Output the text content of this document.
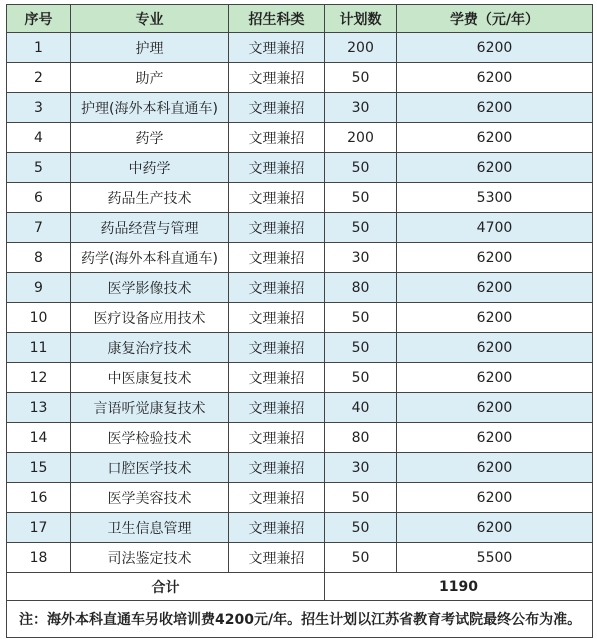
序号	专业	招生科类	计划数	学费（元/年）
1	护理	文理兼招	200	6200
2	助产	文理兼招	50	6200
3	护理(海外本科直通车)	文理兼招	30	6200
4	药学	文理兼招	200	6200
5	中药学	文理兼招	50	6200
6	药品生产技术	文理兼招	50	5300
7	药品经营与管理	文理兼招	50	4700
8	药学(海外本科直通车)	文理兼招	30	6200
9	医学影像技术	文理兼招	80	6200
10	医疗设备应用技术	文理兼招	50	6200
11	康复治疗技术	文理兼招	50	6200
12	中医康复技术	文理兼招	50	6200
13	言语听觉康复技术	文理兼招	40	6200
14	医学检验技术	文理兼招	80	6200
15	口腔医学技术	文理兼招	30	6200
16	医学美容技术	文理兼招	50	6200
17	卫生信息管理	文理兼招	50	6200
18	司法鉴定技术	文理兼招	50	5500
合计			1190	
注：海外本科直通车另收培训费4200元/年。招生计划以江苏省教育考试院最终公布为准。				
